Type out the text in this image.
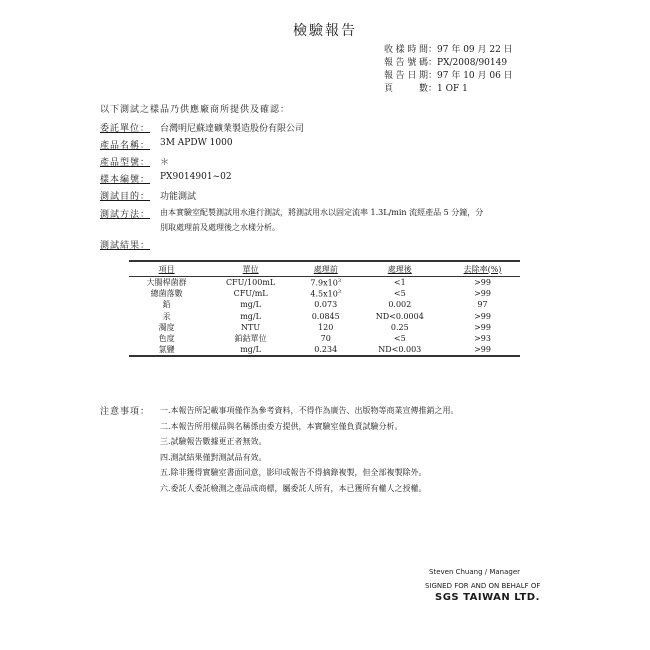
檢驗報告
收樣時間：97 年 09 月 22 日
報告號碼：PX/2008/90149
報告日期：97 年 10 月 06 日
頁　數：1 OF 1
以下測試之樣品乃供應廠商所提供及確認：
委託單位： 台灣明尼蘇達礦業製造股份有限公司
產品名稱： 3M APDW 1000
產品型號： ＊
樣本編號： PX9014901~02
測試目的： 功能測試
測試方法： 由本實驗室配製測試用水進行測試，將測試用水以固定流率 1.3L/min 流經產品 5 分鐘，分
別取處理前及處理後之水樣分析。
測試結果：
項目	單位	處理前	處理後	去除率(%)
大腸桿菌群	CFU/100mL	$7.9x10^3$	<1	>99
總菌落數	CFU/mL	$4.5x10^3$	<5	>99
鉛	mg/L	0.073	0.002	97
汞	mg/L	0.0845	ND<0.0004	>99
濁度	NTU	120	0.25	>99
色度	鉑鈷單位	70	<5	>93
氯鹽	mg/L	0.234	ND<0.003	>99
注意事項： 一.本報告所記載事項僅作為參考資料，不得作為廣告、出版物等商業宣傳推銷之用。
二.本報告所用樣品與名稱係由委方提供，本實驗室僅負責試驗分析。
三.試驗報告數據更正者無效。
四.測試結果僅對測試品有效。
五.除非獲得實驗室書面同意，影印或報告不得摘錄複製，但全部複製除外。
六.委託人委託檢測之產品成商標，屬委託人所有，本已獲所有權人之授權。
Steven Chuang / Manager
SIGNED FOR AND ON BEHALF OF
SGS TAIWAN LTD.
